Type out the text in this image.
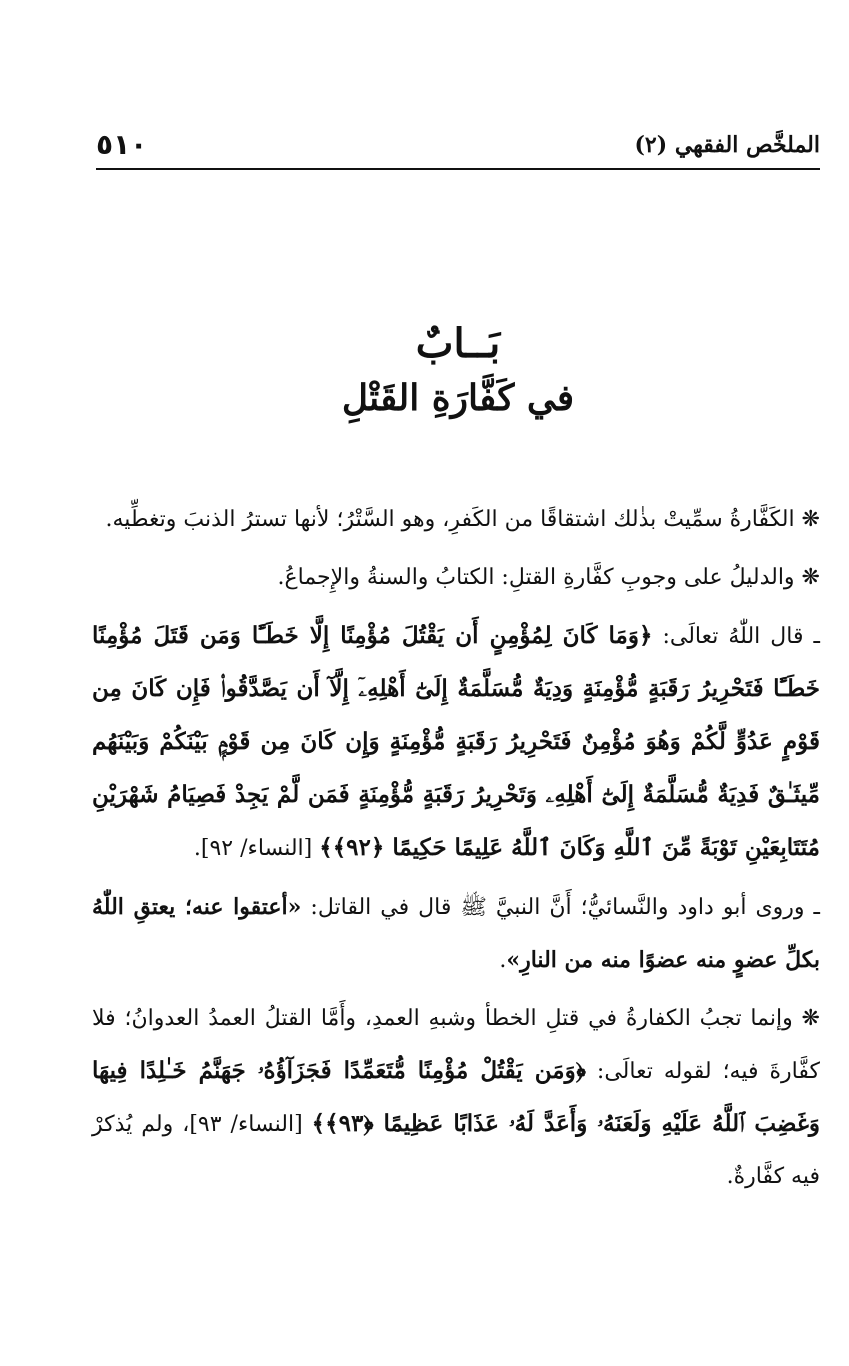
٥١٠	الملخَّص الفقهي (٢)
بَــابٌ
في كَفَّارَةِ القَتْلِ

❋ الكَفَّارةُ سمِّيتْ بذٰلك اشتقاقًا من الكَفرِ، وهو السَّتْرُ؛ لأنها تسترُ الذنبَ وتغطِّيه.

❋ والدليلُ على وجوبِ كفَّارةِ القتلِ: الكتابُ والسنةُ والإِجماعُ.

ـ قال اللّٰهُ تعالَى: ﴿وَمَا كَانَ لِمُؤْمِنٍ أَن يَقْتُلَ مُؤْمِنًا إِلَّا خَطَـًٔا وَمَن قَتَلَ مُؤْمِنًا خَطَـًٔا فَتَحْرِيرُ رَقَبَةٍ مُّؤْمِنَةٍ وَدِيَةٌ مُّسَلَّمَةٌ إِلَىٰٓ أَهْلِهِۦٓ إِلَّآ أَن يَصَّدَّقُوا۟ فَإِن كَانَ مِن قَوْمٍ عَدُوٍّ لَّكُمْ وَهُوَ مُؤْمِنٌ فَتَحْرِيرُ رَقَبَةٍ مُّؤْمِنَةٍ وَإِن كَانَ مِن قَوْمٍۭ بَيْنَكُمْ وَبَيْنَهُم مِّيثَـٰقٌ فَدِيَةٌ مُّسَلَّمَةٌ إِلَىٰٓ أَهْلِهِۦ وَتَحْرِيرُ رَقَبَةٍ مُّؤْمِنَةٍ فَمَن لَّمْ يَجِدْ فَصِيَامُ شَهْرَيْنِ مُتَتَابِعَيْنِ تَوْبَةً مِّنَ ٱللَّهِ وَكَانَ ٱللَّهُ عَلِيمًا حَكِيمًا ﴿٩٢﴾﴾ [النساء/ ٩٢].

ـ وروى أبو داود والنَّسائيُّ؛ أَنَّ النبيَّ ﷺ قال في القاتل: «أعتقوا عنه؛ يعتقِ اللّٰهُ بكلِّ عضوٍ منه عضوًا منه من النارِ».

❋ وإنما تجبُ الكفارةُ في قتلِ الخطأ وشبهِ العمدِ، وأَمَّا القتلُ العمدُ العدوانُ؛ فلا كفَّارةَ فيه؛ لقوله تعالَى: ﴿وَمَن يَقْتُلْ مُؤْمِنًا مُّتَعَمِّدًا فَجَزَآؤُهُۥ جَهَنَّمُ خَـٰلِدًا فِيهَا وَغَضِبَ ٱللَّهُ عَلَيْهِ وَلَعَنَهُۥ وَأَعَدَّ لَهُۥ عَذَابًا عَظِيمًا ﴿٩٣﴾﴾ [النساء/ ٩٣]، ولم يُذكرْ فيه كفَّارةٌ.
